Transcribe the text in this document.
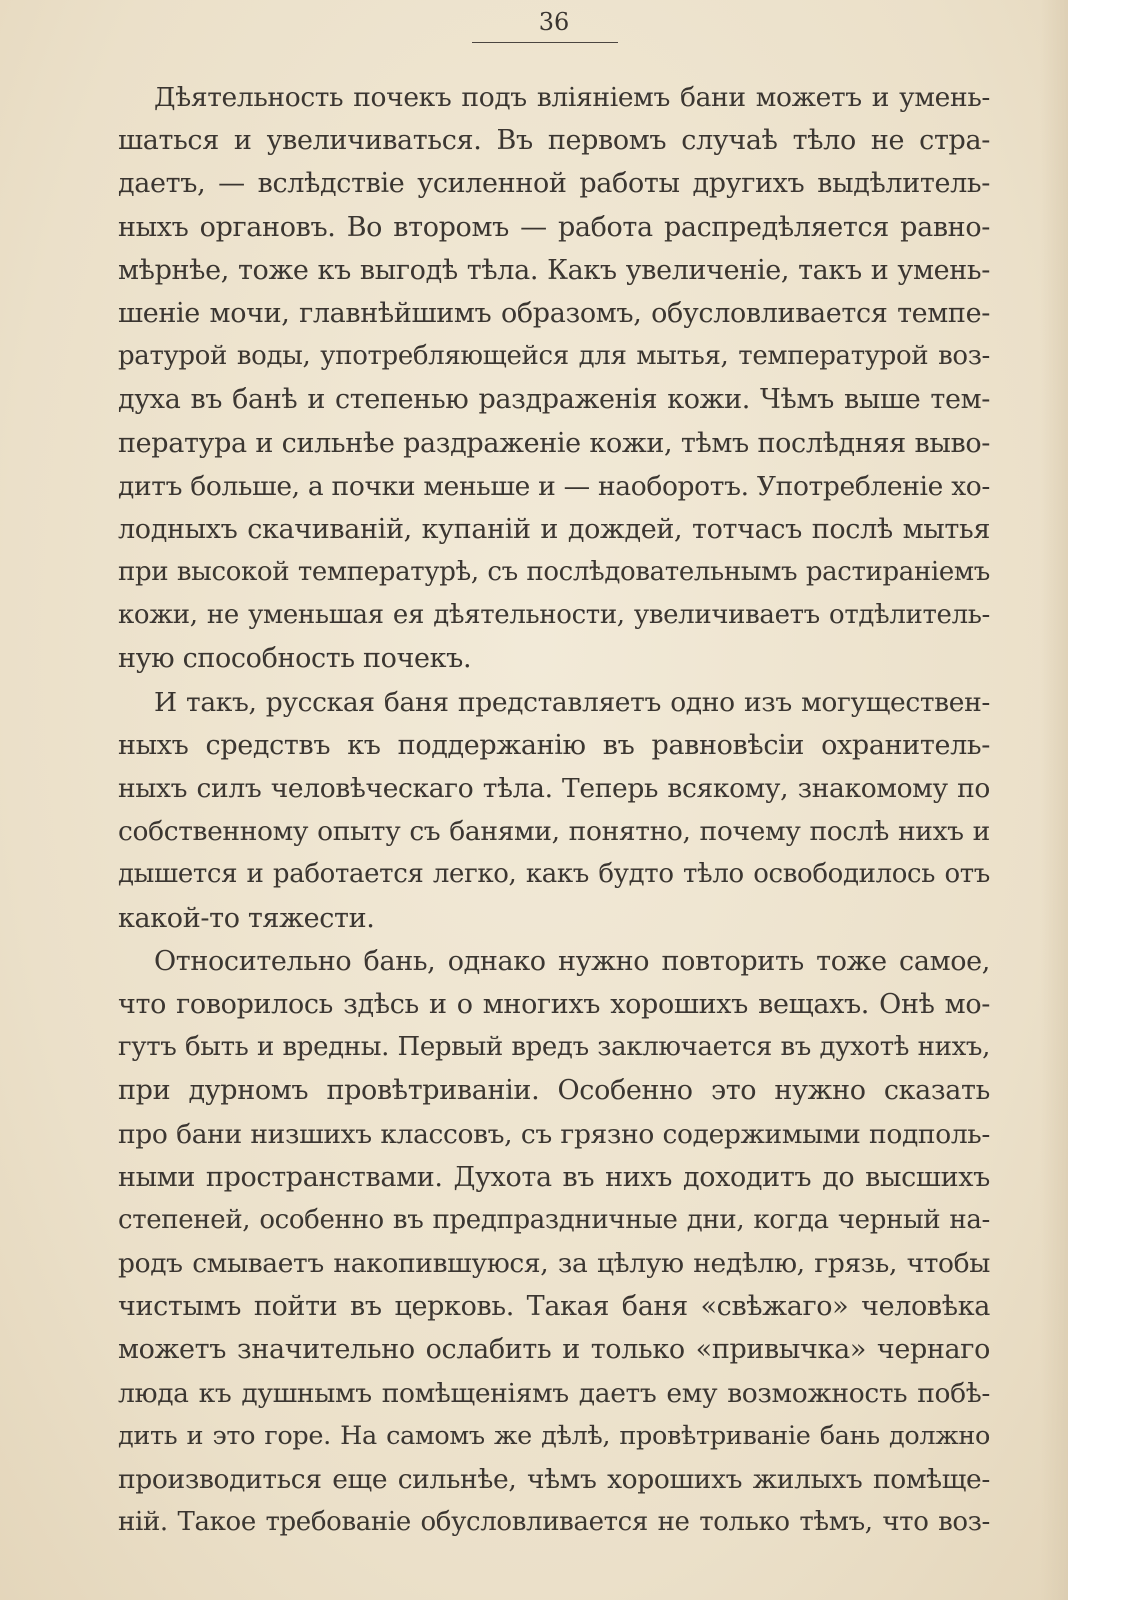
36
Дѣятельность почекъ подъ вліяніемъ бани можетъ и умень-
шаться и увеличиваться. Въ первомъ случаѣ тѣло не стра-
даетъ, — вслѣдствіе усиленной работы другихъ выдѣлитель-
ныхъ органовъ. Во второмъ — работа распредѣляется равно-
мѣрнѣе, тоже къ выгодѣ тѣла. Какъ увеличеніе, такъ и умень-
шеніе мочи, главнѣйшимъ образомъ, обусловливается темпе-
ратурой воды, употребляющейся для мытья, температурой воз-
духа въ банѣ и степенью раздраженія кожи. Чѣмъ выше тем-
пература и сильнѣе раздраженіе кожи, тѣмъ послѣдняя выво-
дитъ больше, а почки меньше и — наоборотъ. Употребленіе хо-
лодныхъ скачиваній, купаній и дождей, тотчасъ послѣ мытья
при высокой температурѣ, съ послѣдовательнымъ растираніемъ
кожи, не уменьшая ея дѣятельности, увеличиваетъ отдѣлитель-
ную способность почекъ.
И такъ, русская баня представляетъ одно изъ могуществен-
ныхъ средствъ къ поддержанію въ равновѣсіи охранитель-
ныхъ силъ человѣческаго тѣла. Теперь всякому, знакомому по
собственному опыту съ банями, понятно, почему послѣ нихъ и
дышется и работается легко, какъ будто тѣло освободилось отъ
какой-то тяжести.
Относительно бань, однако нужно повторить тоже самое,
что говорилось здѣсь и о многихъ хорошихъ вещахъ. Онѣ мо-
гутъ быть и вредны. Первый вредъ заключается въ духотѣ нихъ,
при дурномъ провѣтриваніи. Особенно это нужно сказать
про бани низшихъ классовъ, съ грязно содержимыми подполь-
ными пространствами. Духота въ нихъ доходитъ до высшихъ
степеней, особенно въ предпраздничные дни, когда черный на-
родъ смываетъ накопившуюся, за цѣлую недѣлю, грязь, чтобы
чистымъ пойти въ церковь. Такая баня «свѣжаго» человѣка
можетъ значительно ослабить и только «привычка» чернаго
люда къ душнымъ помѣщеніямъ даетъ ему возможность побѣ-
дить и это горе. На самомъ же дѣлѣ, провѣтриваніе бань должно
производиться еще сильнѣе, чѣмъ хорошихъ жилыхъ помѣще-
ній. Такое требованіе обусловливается не только тѣмъ, что воз-
